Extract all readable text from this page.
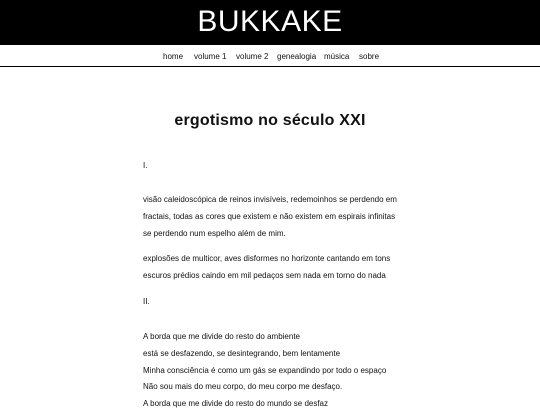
BUKKAKE
home volume 1 volume 2 genealogia música sobre
ergotismo no século XXI

I.

visão caleidoscópica de reinos invisíveis, redemoinhos se perdendo em

fractais, todas as cores que existem e não existem em espirais infinitas

se perdendo num espelho além de mim.

explosões de multicor, aves disformes no horizonte cantando em tons

escuros prédios caindo em mil pedaços sem nada em torno do nada

II.

A borda que me divide do resto do ambiente

está se desfazendo, se desintegrando, bem lentamente

Minha consciência é como um gás se expandindo por todo o espaço

Não sou mais do meu corpo, do meu corpo me desfaço.

A borda que me divide do resto do mundo se desfaz
